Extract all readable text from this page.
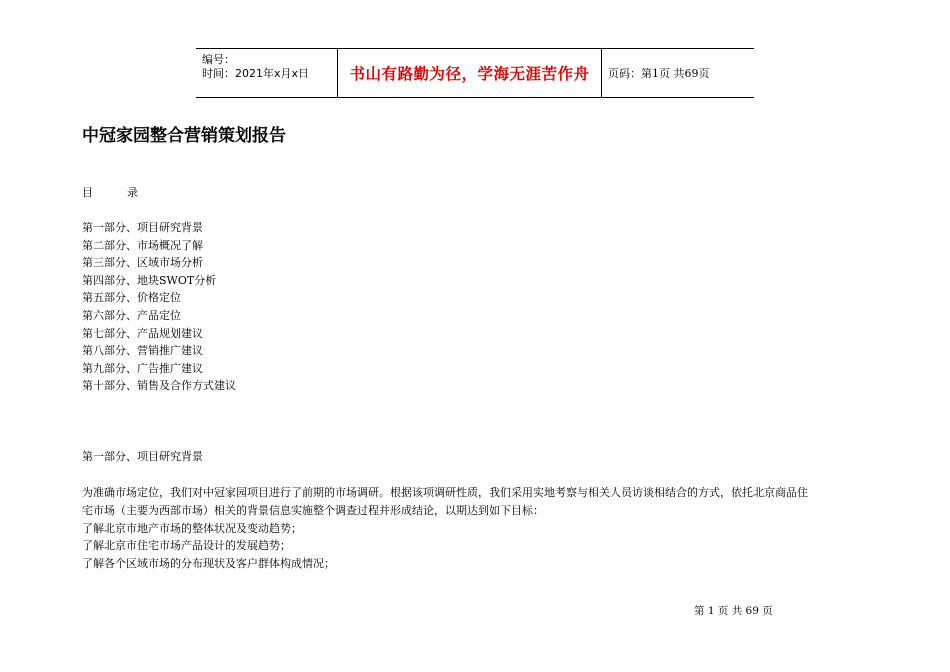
编号：
时间：2021年x月x日	书山有路勤为径，学海无涯苦作舟	页码：第1页 共69页
中冠家园整合营销策划报告
目	录
第一部分、项目研究背景
第二部分、市场概况了解
第三部分、区域市场分析
第四部分、地块SWOT分析
第五部分、价格定位
第六部分、产品定位
第七部分、产品规划建议
第八部分、营销推广建议
第九部分、广告推广建议
第十部分、销售及合作方式建议
第一部分、项目研究背景
为准确市场定位，我们对中冠家园项目进行了前期的市场调研。根据该项调研性质，我们采用实地考察与相关人员访谈相结合的方式，依托北京商品住
宅市场（主要为西部市场）相关的背景信息实施整个调查过程并形成结论，以期达到如下目标：
了解北京市地产市场的整体状况及变动趋势；
了解北京市住宅市场产品设计的发展趋势；
了解各个区域市场的分布现状及客户群体构成情况；
第 1 页 共 69 页
